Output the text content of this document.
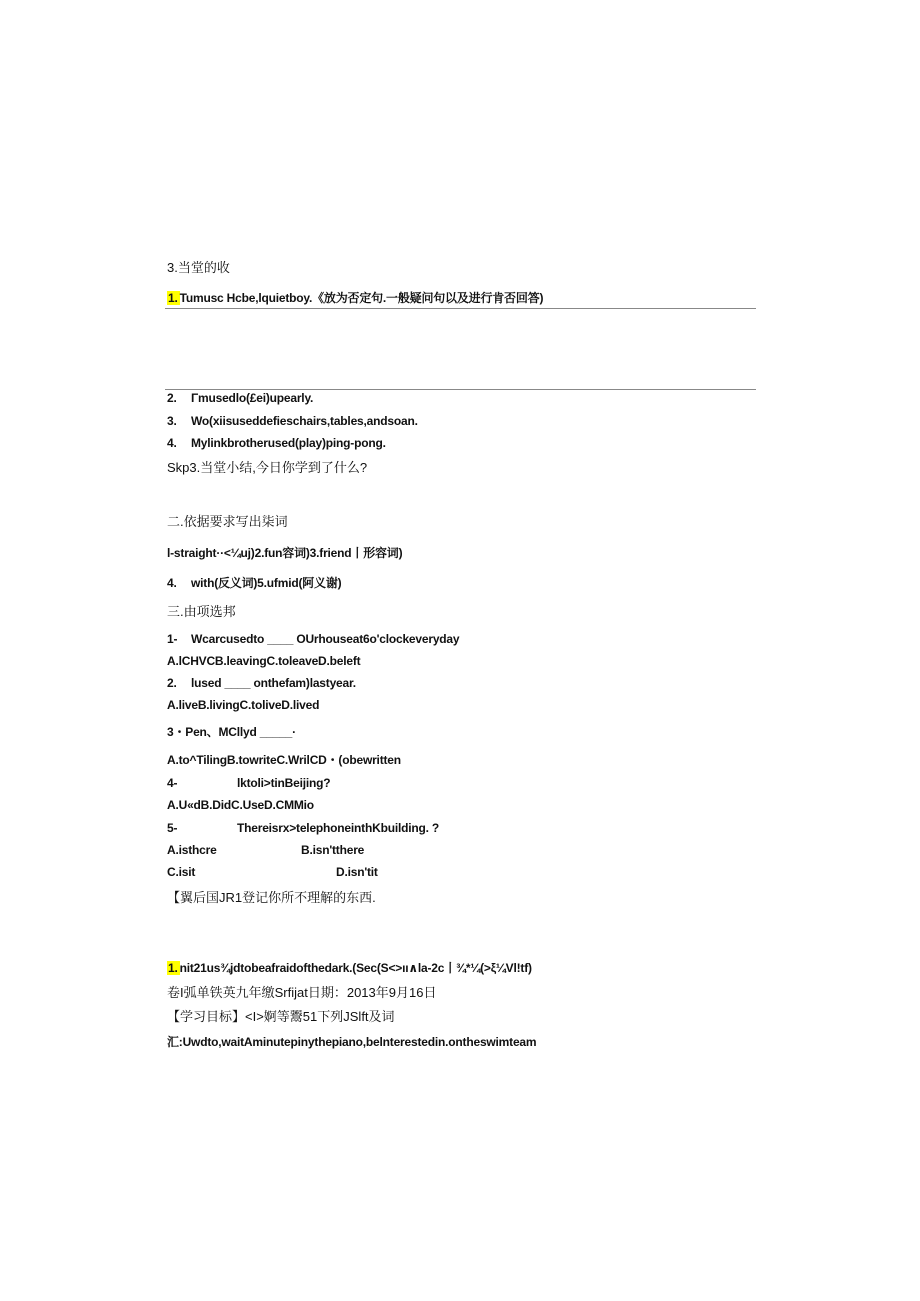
3.当堂的收
1. Tumusc Hcbe,lquietboy.《放为否定句.一般疑问句以及进行肯否回答)
2. Γmusedlo(£ei)upearly.
3. Wo(xiisuseddefieschairs,tables,andsoan.
4. Mylinkbrotherused(play)ping-pong.
Skp3.当堂小结,今日你学到了什么?
二.依据要求写出柒词
l-straight··<¼uj)2.fun容词)3.friend丨形容词)
4. with(反义词)5.ufmid(阿义谢)
三.由项选邦
1- Wcarcusedto ____ OUrhouseat6o'clockeveryday
A.lCHVCB.leavingC.toleaveD.beleft
2. lused ____ onthefam)lastyear.
A.liveB.livingC.toliveD.lived
3・Pen、MCllyd _____·
A.to^TilingB.towriteC.WrilCD・(obewritten
4-	lktoli>tinBeijing?
A.U«dB.DidC.UseD.CMMio
5-	Thereisrx>telephoneinthKbuilding. ?
A.isthcre	B.isn'tthere
C.isit	D.isn'tit
【翼后国JR1登记你所不理解的东西.
1. nit21us¾jdtobeafraidofthedark.(Sec(S<>ıı∧la-2c丨¾*¼(>ξ¼Vl!tf)
卷I弧单铁英九年缴Srfijat日期：2013年9月16日
【学习目标】<I>婀等鬻51下列JSlft及词
汇:Uwdto,waitAminutepinythepiano,belnterestedin.ontheswimteam
